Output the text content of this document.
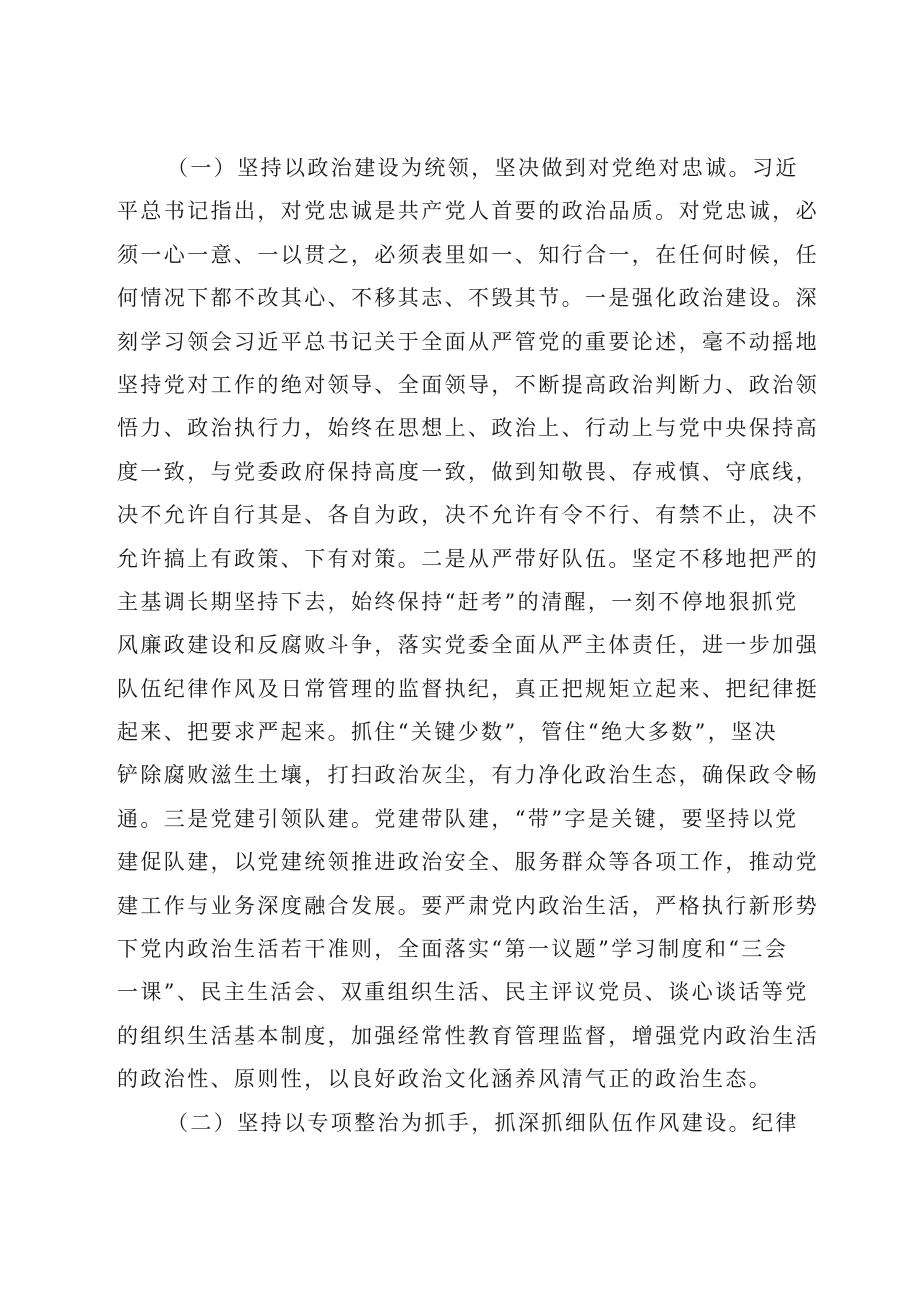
（一）坚持以政治建设为统领，坚决做到对党绝对忠诚。习近

平总书记指出，对党忠诚是共产党人首要的政治品质。对党忠诚，必

须一心一意、一以贯之，必须表里如一、知行合一，在任何时候，任

何情况下都不改其心、不移其志、不毁其节。一是强化政治建设。深

刻学习领会习近平总书记关于全面从严管党的重要论述，毫不动摇地

坚持党对工作的绝对领导、全面领导，不断提高政治判断力、政治领

悟力、政治执行力，始终在思想上、政治上、行动上与党中央保持高

度一致，与党委政府保持高度一致，做到知敬畏、存戒慎、守底线，

决不允许自行其是、各自为政，决不允许有令不行、有禁不止，决不

允许搞上有政策、下有对策。二是从严带好队伍。坚定不移地把严的

主基调长期坚持下去，始终保持“赶考”的清醒，一刻不停地狠抓党

风廉政建设和反腐败斗争，落实党委全面从严主体责任，进一步加强

队伍纪律作风及日常管理的监督执纪，真正把规矩立起来、把纪律挺

起来、把要求严起来。抓住“关键少数”，管住“绝大多数”，坚决

铲除腐败滋生土壤，打扫政治灰尘，有力净化政治生态，确保政令畅

通。三是党建引领队建。党建带队建，“带”字是关键，要坚持以党

建促队建，以党建统领推进政治安全、服务群众等各项工作，推动党

建工作与业务深度融合发展。要严肃党内政治生活，严格执行新形势

下党内政治生活若干准则，全面落实“第一议题”学习制度和“三会

一课”、民主生活会、双重组织生活、民主评议党员、谈心谈话等党

的组织生活基本制度，加强经常性教育管理监督，增强党内政治生活

的政治性、原则性，以良好政治文化涵养风清气正的政治生态。

（二）坚持以专项整治为抓手，抓深抓细队伍作风建设。纪律
